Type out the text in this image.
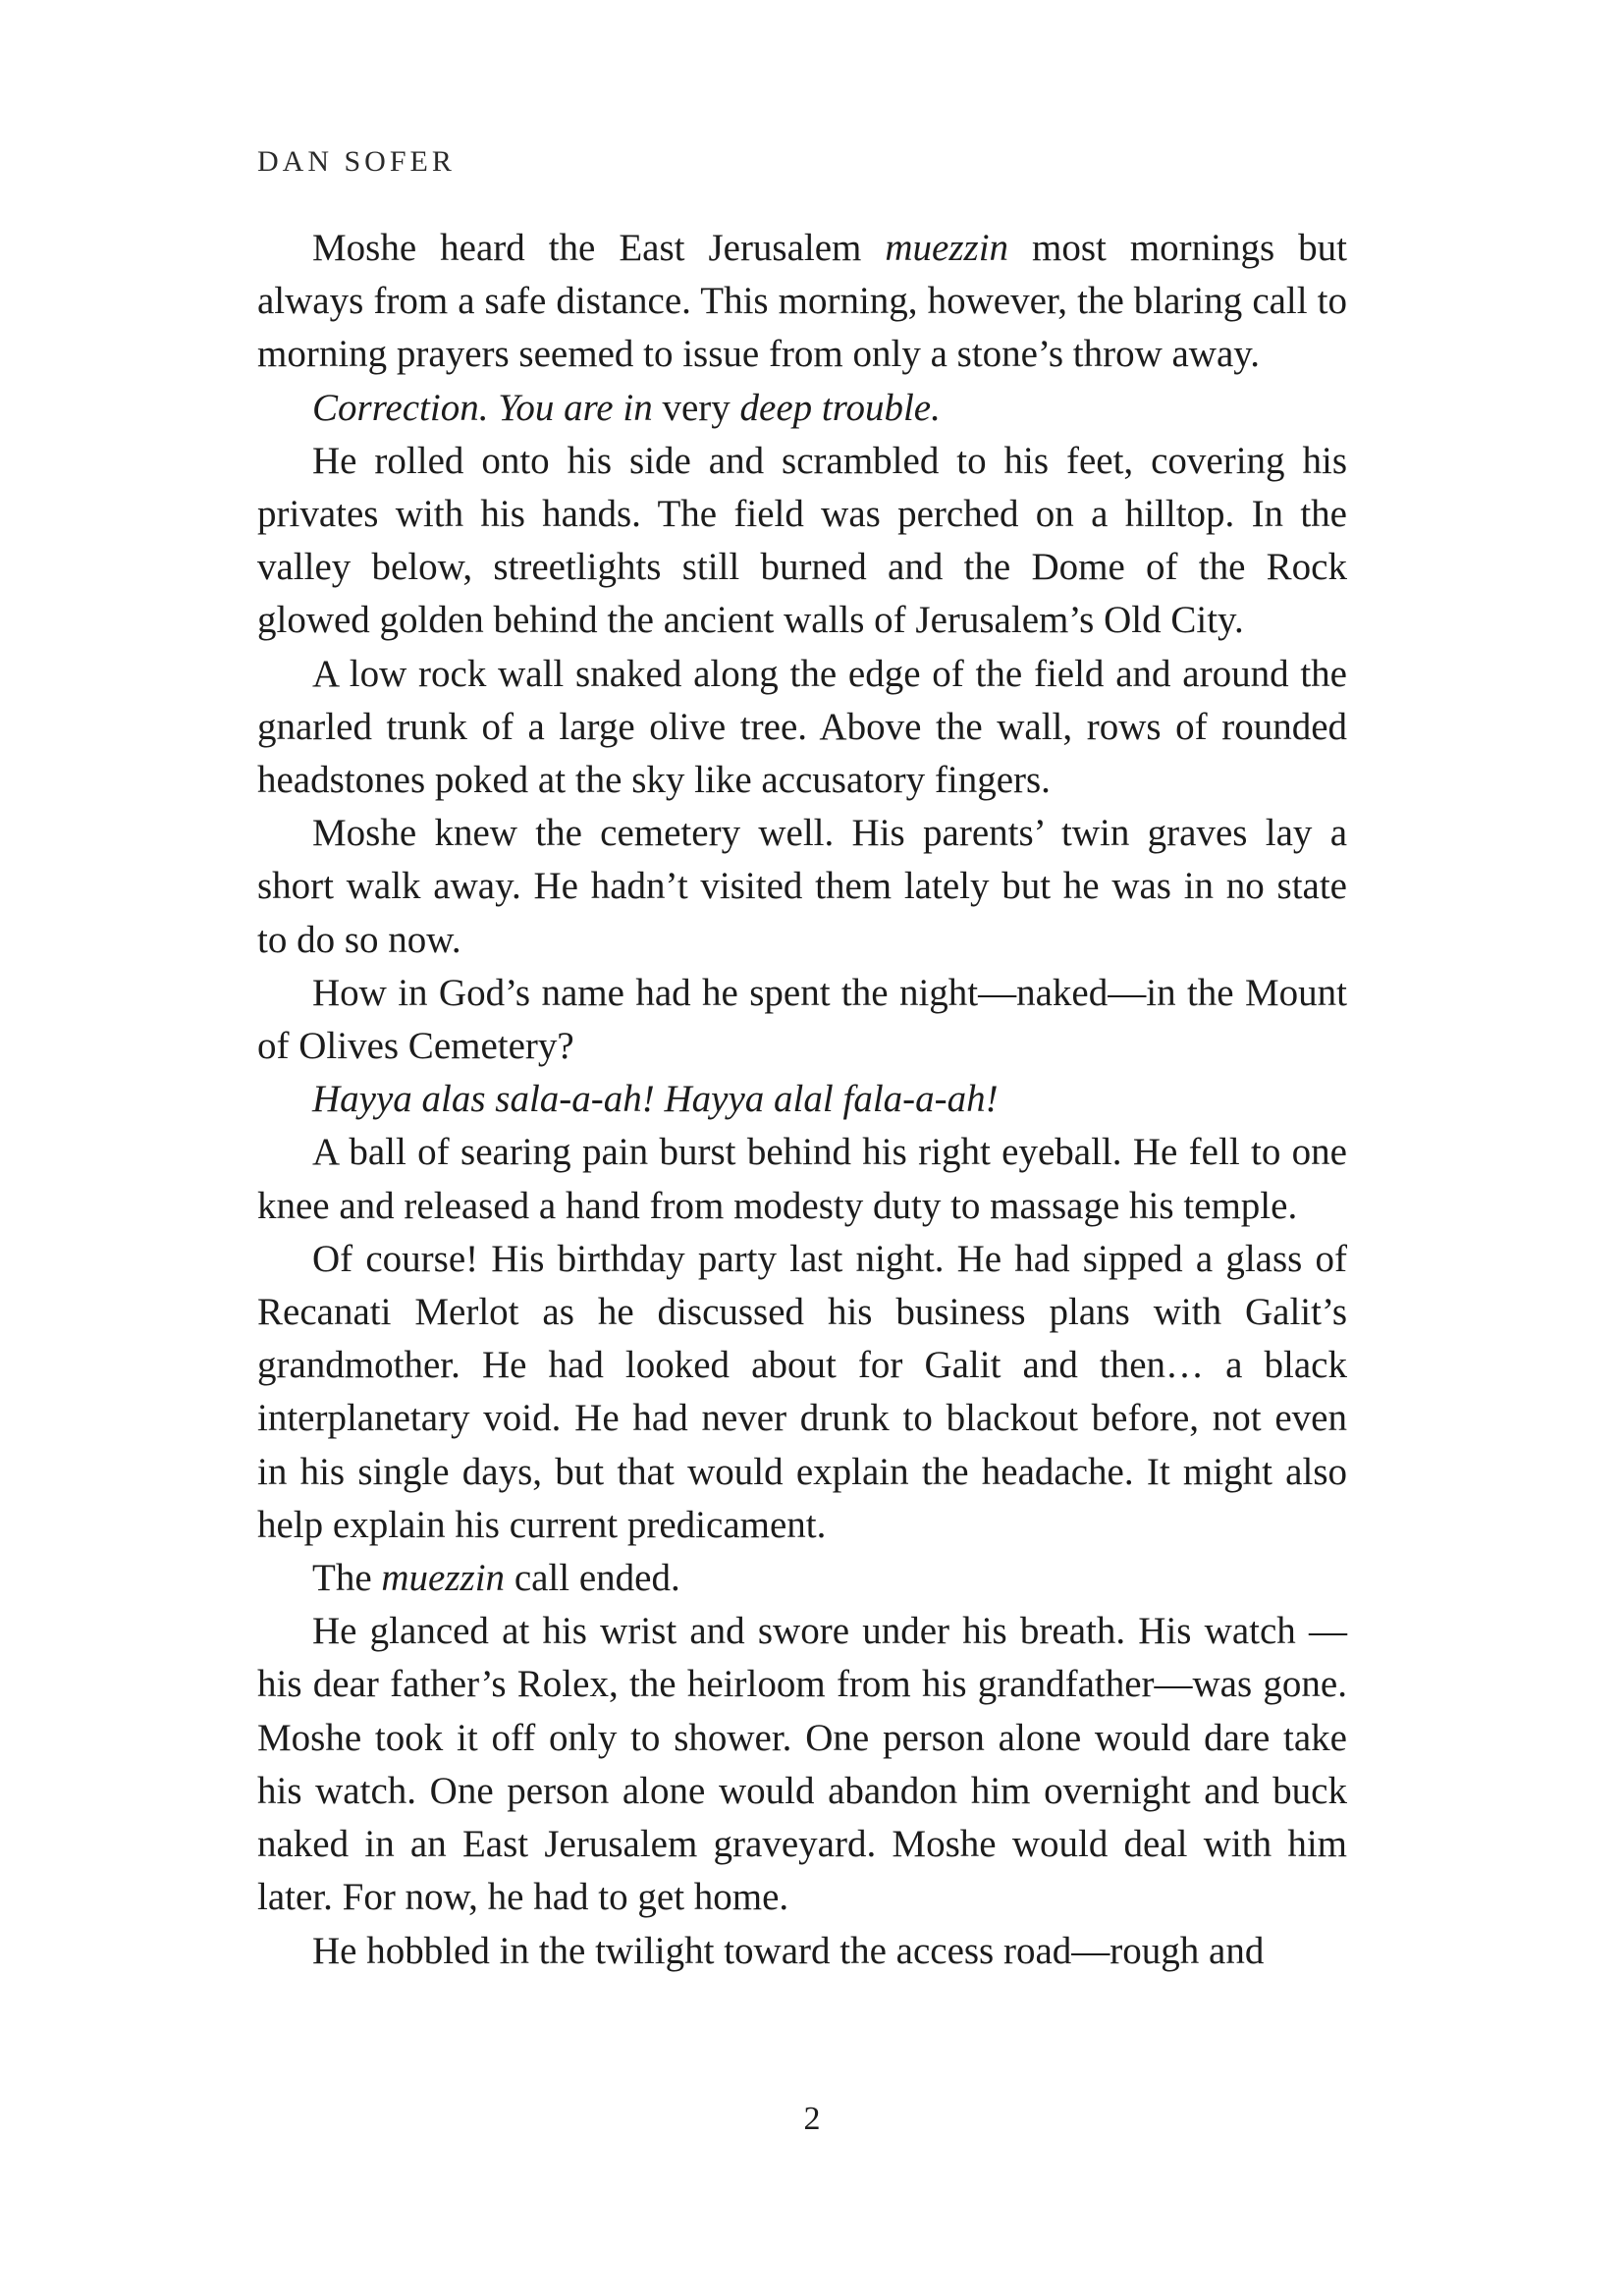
DAN SOFER

Moshe heard the East Jerusalem muezzin most mornings but always from a safe distance. This morning, however, the blaring call to morning prayers seemed to issue from only a stone’s throw away.

Correction. You are in very deep trouble.

He rolled onto his side and scrambled to his feet, covering his privates with his hands. The field was perched on a hilltop. In the valley below, streetlights still burned and the Dome of the Rock glowed golden behind the ancient walls of Jerusalem’s Old City.

A low rock wall snaked along the edge of the field and around the gnarled trunk of a large olive tree. Above the wall, rows of rounded headstones poked at the sky like accusatory fingers.

Moshe knew the cemetery well. His parents’ twin graves lay a short walk away. He hadn’t visited them lately but he was in no state to do so now.

How in God’s name had he spent the night—naked—in the Mount of Olives Cemetery?

Hayya alas sala-a-ah! Hayya alal fala-a-ah!

A ball of searing pain burst behind his right eyeball. He fell to one knee and released a hand from modesty duty to massage his temple.

Of course! His birthday party last night. He had sipped a glass of Recanati Merlot as he discussed his business plans with Galit’s grandmother. He had looked about for Galit and then… a black interplanetary void. He had never drunk to blackout before, not even in his single days, but that would explain the headache. It might also help explain his current predicament.

The muezzin call ended.

He glanced at his wrist and swore under his breath. His watch —his dear father’s Rolex, the heirloom from his grandfather—was gone. Moshe took it off only to shower. One person alone would dare take his watch. One person alone would abandon him overnight and buck naked in an East Jerusalem graveyard. Moshe would deal with him later. For now, he had to get home.

He hobbled in the twilight toward the access road—rough and

2
